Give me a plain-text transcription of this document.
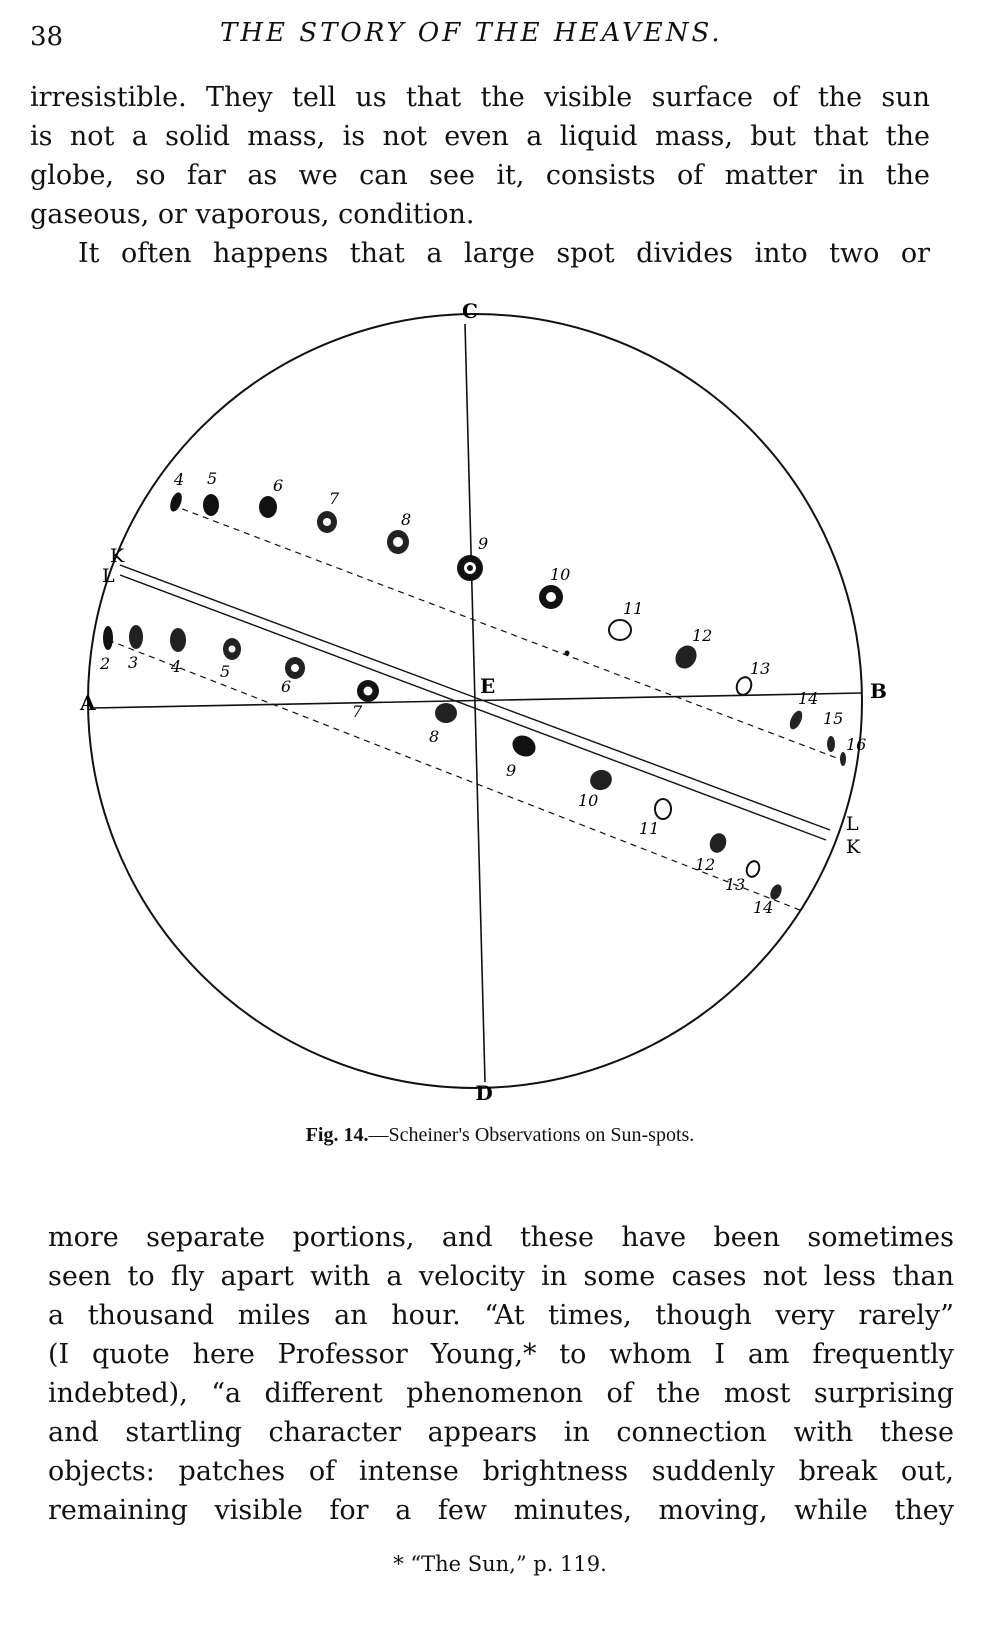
38	THE STORY OF THE HEAVENS.
irresistible. They tell us that the visible surface of the sun
is not a solid mass, is not even a liquid mass, but that the
globe, so far as we can see it, consists of matter in the
gaseous, or vaporous, condition.
It often happens that a large spot divides into two or
C
D
A	B
E
K
L
L
K
4 5	6
7
8
9
10
11
12
13
14
15
16
2 3 4 5
6
7
8
9
10
11
12
13
14
Fig. 14.—Scheiner's Observations on Sun-spots.
more separate portions, and these have been sometimes
seen to fly apart with a velocity in some cases not less than
a thousand miles an hour. “At times, though very rarely”
(I quote here Professor Young,* to whom I am frequently
indebted), “a different phenomenon of the most surprising
and startling character appears in connection with these
objects: patches of intense brightness suddenly break out,
remaining visible for a few minutes, moving, while they
* “The Sun,” p. 119.
